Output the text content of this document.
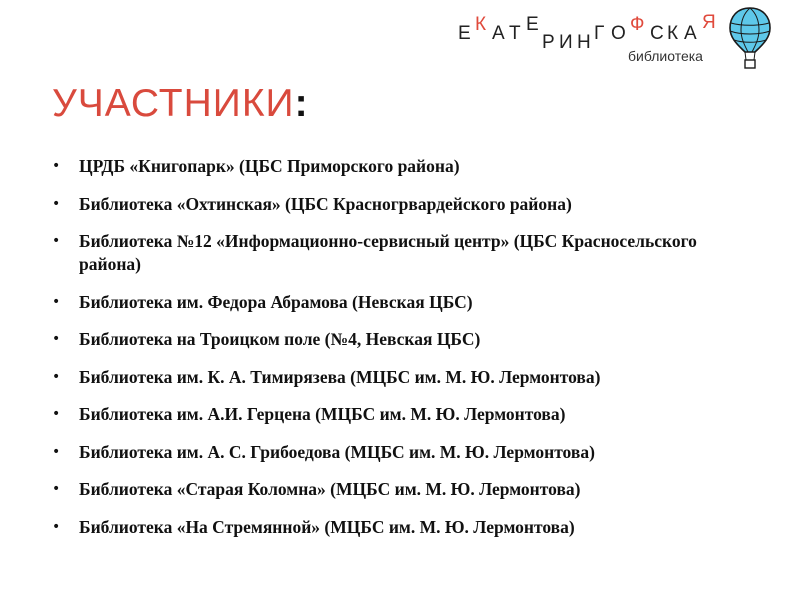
Е К А Т Е
Р И Н Г О Ф С К А
Я
библиотека
УЧАСТНИКИ:
• ЦРДБ «Книгопарк» (ЦБС Приморского района)
• Библиотека «Охтинская» (ЦБС Красногрвардейского района)
• Библиотека №12 «Информационно-сервисный центр» (ЦБС Красносельского района)
• Библиотека им. Федора Абрамова (Невская ЦБС)
• Библиотека на Троицком поле (№4, Невская ЦБС)
• Библиотека им. К. А. Тимирязева (МЦБС им. М. Ю. Лермонтова)
• Библиотека им. А.И. Герцена (МЦБС им. М. Ю. Лермонтова)
• Библиотека им. А. С. Грибоедова (МЦБС им. М. Ю. Лермонтова)
• Библиотека «Старая Коломна» (МЦБС им. М. Ю. Лермонтова)
• Библиотека «На Стремянной» (МЦБС им. М. Ю. Лермонтова)
